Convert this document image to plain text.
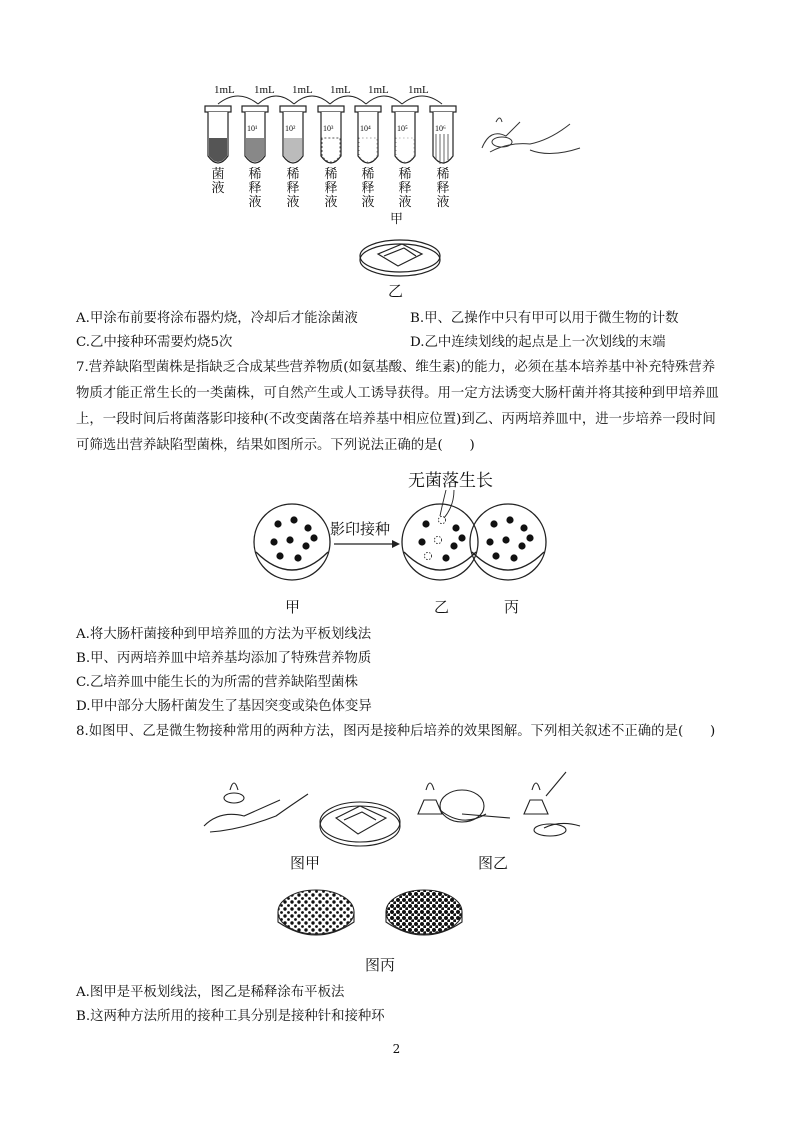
1mL 1mL 1mL 1mL 1mL 1mL
10¹	10²	10³	10⁴	10⁵	10⁶
菌液
稀释液
稀释液
稀释液
稀释液
稀释液
稀释液
甲
乙
A.甲涂布前要将涂布器灼烧，冷却后才能涂菌液	B.甲、乙操作中只有甲可以用于微生物的计数
C.乙中接种环需要灼烧5次	D.乙中连续划线的起点是上一次划线的末端
7.营养缺陷型菌株是指缺乏合成某些营养物质(如氨基酸、维生素)的能力，必须在基本培养基中补充特殊营养物质才能正常生长的一类菌株，可自然产生或人工诱导获得。用一定方法诱变大肠杆菌并将其接种到甲培养皿上，一段时间后将菌落影印接种(不改变菌落在培养基中相应位置)到乙、丙两培养皿中，进一步培养一段时间可筛选出营养缺陷型菌株，结果如图所示。下列说法正确的是(　　)
无菌落生长
影印接种
甲	乙	丙
A.将大肠杆菌接种到甲培养皿的方法为平板划线法
B.甲、丙两培养皿中培养基均添加了特殊营养物质
C.乙培养皿中能生长的为所需的营养缺陷型菌株
D.甲中部分大肠杆菌发生了基因突变或染色体变异
8.如图甲、乙是微生物接种常用的两种方法，图丙是接种后培养的效果图解。下列相关叙述不正确的是(　　)
图甲	图乙
图丙
A.图甲是平板划线法，图乙是稀释涂布平板法
B.这两种方法所用的接种工具分别是接种针和接种环
2
